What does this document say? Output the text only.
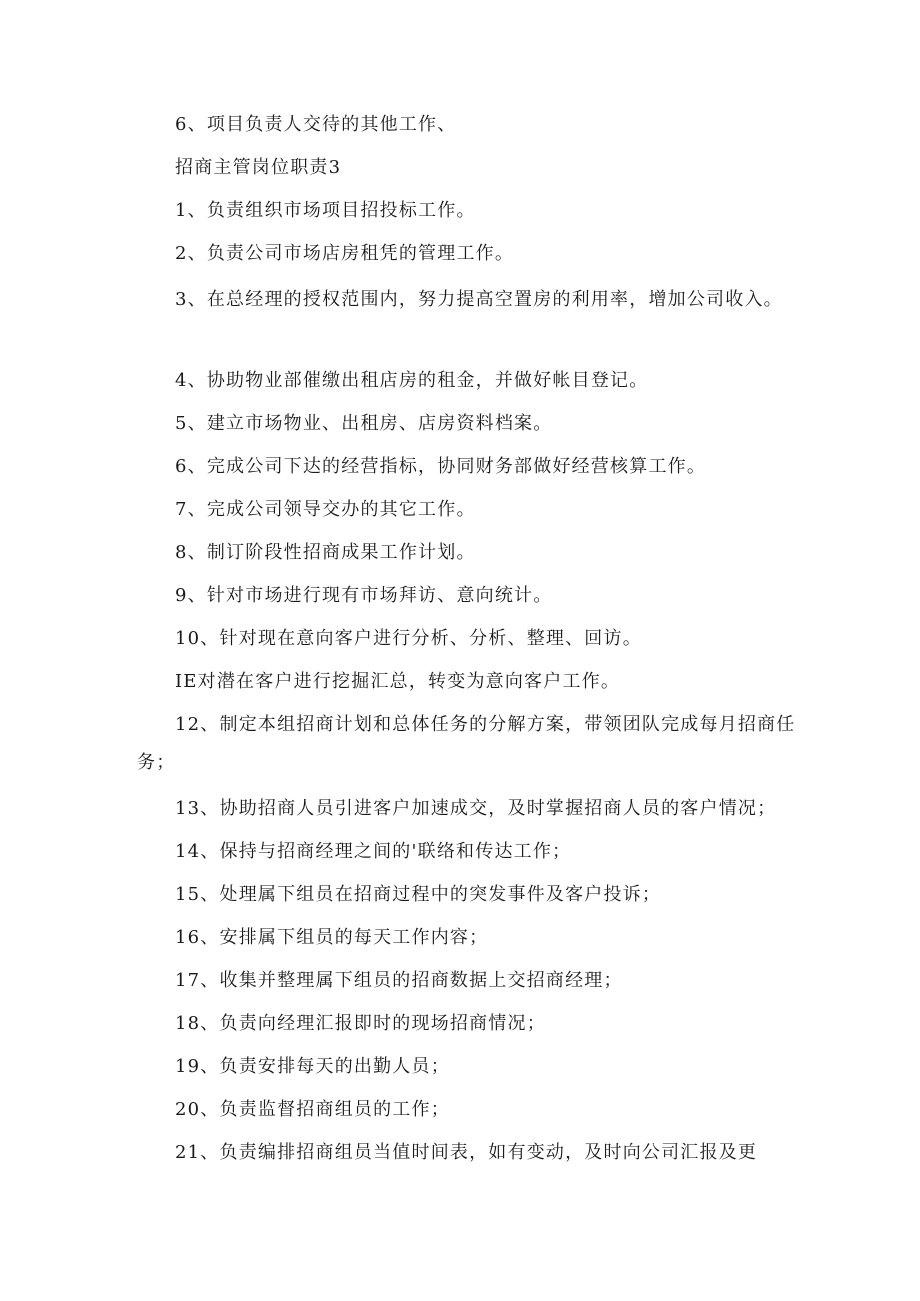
6、项目负责人交待的其他工作、

招商主管岗位职责3

1、负责组织市场项目招投标工作。

2、负责公司市场店房租凭的管理工作。

3、在总经理的授权范围内，努力提高空置房的利用率，增加公司收入。

4、协助物业部催缴出租店房的租金，并做好帐目登记。

5、建立市场物业、出租房、店房资料档案。

6、完成公司下达的经营指标，协同财务部做好经营核算工作。

7、完成公司领导交办的其它工作。

8、制订阶段性招商成果工作计划。

9、针对市场进行现有市场拜访、意向统计。

10、针对现在意向客户进行分析、分析、整理、回访。

IE对潜在客户进行挖掘汇总，转变为意向客户工作。

12、制定本组招商计划和总体任务的分解方案，带领团队完成每月招商任务；

13、协助招商人员引进客户加速成交，及时掌握招商人员的客户情况；

14、保持与招商经理之间的'联络和传达工作；

15、处理属下组员在招商过程中的突发事件及客户投诉；

16、安排属下组员的每天工作内容；

17、收集并整理属下组员的招商数据上交招商经理；

18、负责向经理汇报即时的现场招商情况；

19、负责安排每天的出勤人员；

20、负责监督招商组员的工作；

21、负责编排招商组员当值时间表，如有变动，及时向公司汇报及更
